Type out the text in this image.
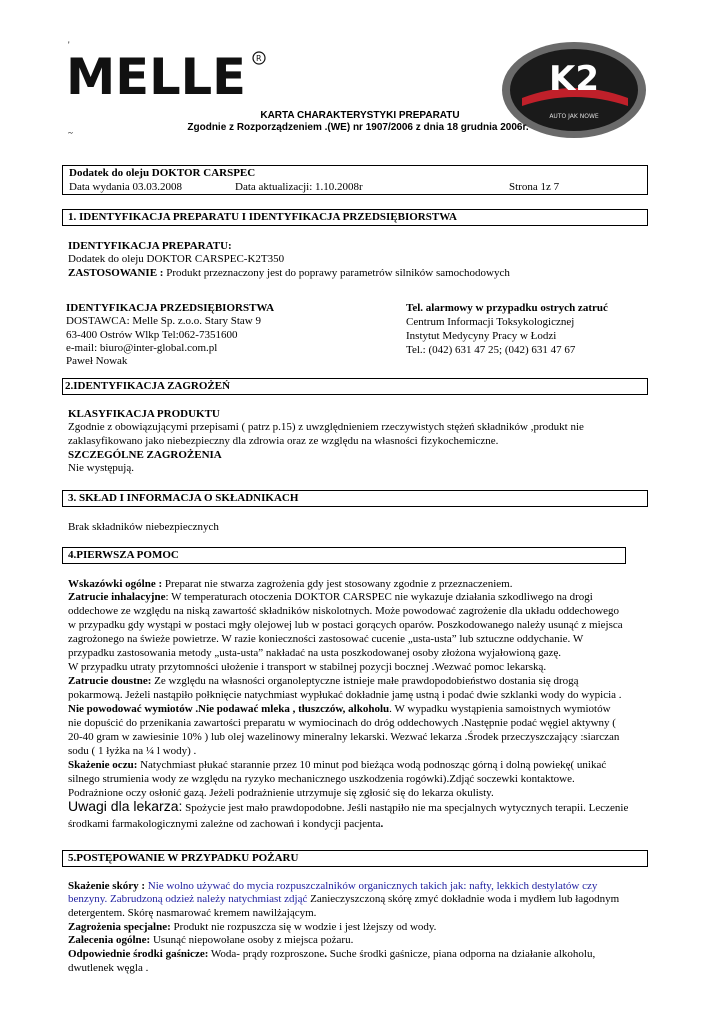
'
MELLE R
K2
AUTO JAK NOWE
KARTA CHARAKTERYSTYKI PREPARATU
Zgodnie z Rozporządzeniem .(WE) nr 1907/2006 z dnia 18 grudnia 2006r.
~
Dodatek do oleju DOKTOR CARSPEC
Data wydania 03.03.2008	Data aktualizacji: 1.10.2008r	Strona 1z 7
1. IDENTYFIKACJA PREPARATU I IDENTYFIKACJA PRZEDSIĘBIORSTWA
IDENTYFIKACJA PREPARATU:
Dodatek do oleju DOKTOR CARSPEC-K2T350
ZASTOSOWANIE : Produkt przeznaczony jest do poprawy parametrów silników samochodowych
IDENTYFIKACJA PRZEDSIĘBIORSTWA
DOSTAWCA: Melle Sp. z.o.o. Stary Staw 9
63-400 Ostrów Wlkp Tel:062-7351600
e-mail: biuro@inter-global.com.pl
Paweł Nowak
Tel. alarmowy w przypadku ostrych zatruć
Centrum Informacji Toksykologicznej
Instytut Medycyny Pracy w Łodzi
Tel.: (042) 631 47 25; (042) 631 47 67
2.IDENTYFIKACJA ZAGROŻEŃ
KLASYFIKACJA PRODUKTU
Zgodnie z obowiązującymi przepisami ( patrz p.15) z uwzględnieniem rzeczywistych stężeń składników ,produkt nie
zaklasyfikowano jako niebezpieczny dla zdrowia oraz ze względu na własności fizykochemiczne.
SZCZEGÓLNE ZAGROŻENIA
Nie występują.
3. SKŁAD I INFORMACJA O SKŁADNIKACH
Brak składników niebezpiecznych
4.PIERWSZA POMOC
Wskazówki ogólne : Preparat nie stwarza zagrożenia gdy jest stosowany zgodnie z przeznaczeniem.
Zatrucie inhalacyjne: W temperaturach otoczenia DOKTOR CARSPEC nie wykazuje działania szkodliwego na drogi
oddechowe ze względu na niską zawartość składników niskolotnych. Może powodować zagrożenie dla układu oddechowego
w przypadku gdy wystąpi w postaci mgły olejowej lub w postaci gorących oparów. Poszkodowanego należy usunąć z miejsca
zagrożonego na świeże powietrze. W razie konieczności zastosować cucenie „usta-usta” lub sztuczne oddychanie. W
przypadku zastosowania metody „usta-usta” nakładać na usta poszkodowanej osoby złożona wyjałowioną gazę.
W przypadku utraty przytomności ułożenie i transport w stabilnej pozycji bocznej .Wezwać pomoc lekarską.
Zatrucie doustne: Ze względu na własności organoleptyczne istnieje małe prawdopodobieństwo dostania się drogą
pokarmową. Jeżeli nastąpiło połknięcie natychmiast wypłukać dokładnie jamę ustną i podać dwie szklanki wody do wypicia .
Nie powodować wymiotów .Nie podawać mleka , tłuszczów, alkoholu. W wypadku wystąpienia samoistnych wymiotów
nie dopuścić do przenikania zawartości preparatu w wymiocinach do dróg oddechowych .Następnie podać węgiel aktywny (
20-40 gram w zawiesinie 10% ) lub olej wazelinowy mineralny lekarski. Wezwać lekarza .Środek przeczyszczający :siarczan
sodu ( 1 łyżka na ¼ l wody) .
Skażenie oczu: Natychmiast płukać starannie przez 10 minut pod bieżąca wodą podnosząc górną i dolną powiekę( unikać
silnego strumienia wody ze względu na ryzyko mechanicznego uszkodzenia rogówki).Zdjąć soczewki kontaktowe.
Podrażnione oczy osłonić gazą. Jeżeli podrażnienie utrzymuje się zgłosić się do lekarza okulisty.
Uwagi dla lekarza: Spożycie jest mało prawdopodobne. Jeśli nastąpiło nie ma specjalnych wytycznych terapii. Leczenie
środkami farmakologicznymi zależne od zachowań i kondycji pacjenta.
5.POSTĘPOWANIE W PRZYPADKU POŻARU
Skażenie skóry : Nie wolno używać do mycia rozpuszczalników organicznych takich jak: nafty, lekkich destylatów czy
benzyny. Zabrudzoną odzież należy natychmiast zdjąć Zanieczyszczoną skórę zmyć dokładnie woda i mydłem lub łagodnym
detergentem. Skórę nasmarować kremem nawilżającym.
Zagrożenia specjalne: Produkt nie rozpuszcza się w wodzie i jest lżejszy od wody.
Zalecenia ogólne: Usunąć niepowołane osoby z miejsca pożaru.
Odpowiednie środki gaśnicze: Woda- prądy rozproszone. Suche środki gaśnicze, piana odporna na działanie alkoholu,
dwutlenek węgla .
